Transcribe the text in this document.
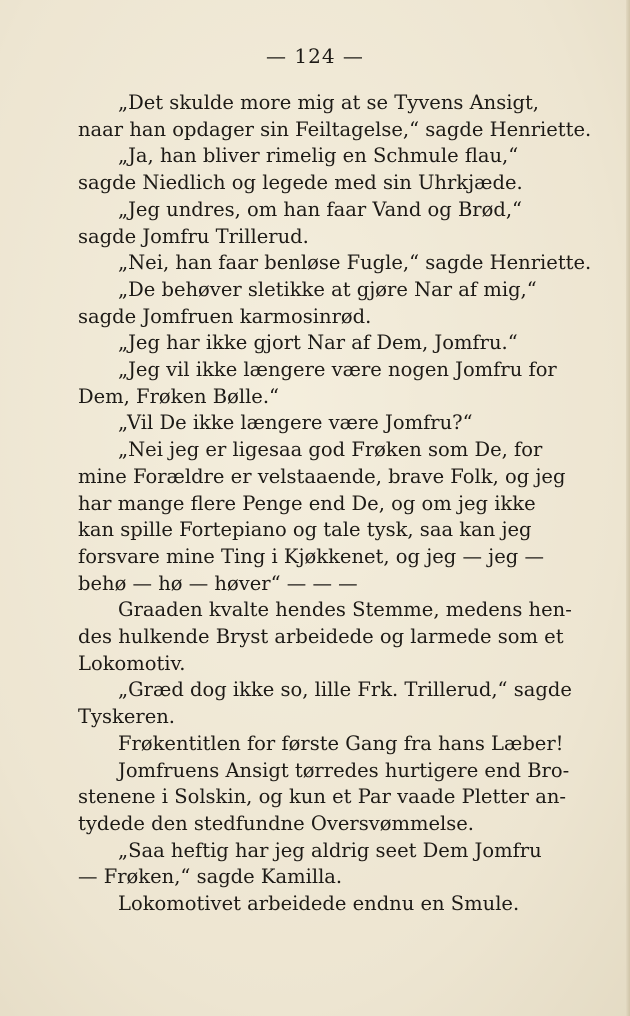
— 124 —
„Det skulde more mig at se Tyvens Ansigt,
naar han opdager sin Feiltagelse,“ sagde Henriette.
„Ja, han bliver rimelig en Schmule flau,“
sagde Niedlich og legede med sin Uhrkjæde.
„Jeg undres, om han faar Vand og Brød,“
sagde Jomfru Trillerud.
„Nei, han faar benløse Fugle,“ sagde Henriette.
„De behøver sletikke at gjøre Nar af mig,“
sagde Jomfruen karmosinrød.
„Jeg har ikke gjort Nar af Dem, Jomfru.“
„Jeg vil ikke længere være nogen Jomfru for
Dem, Frøken Bølle.“
„Vil De ikke længere være Jomfru?“
„Nei jeg er ligesaa god Frøken som De, for
mine Forældre er velstaaende, brave Folk, og jeg
har mange flere Penge end De, og om jeg ikke
kan spille Fortepiano og tale tysk, saa kan jeg
forsvare mine Ting i Kjøkkenet, og jeg — jeg —
behø — hø — høver“ — — —
Graaden kvalte hendes Stemme, medens hen-
des hulkende Bryst arbeidede og larmede som et
Lokomotiv.
„Græd dog ikke so, lille Frk. Trillerud,“ sagde
Tyskeren.
Frøkentitlen for første Gang fra hans Læber!
Jomfruens Ansigt tørredes hurtigere end Bro-
stenene i Solskin, og kun et Par vaade Pletter an-
tydede den stedfundne Oversvømmelse.
„Saa heftig har jeg aldrig seet Dem Jomfru
— Frøken,“ sagde Kamilla.
Lokomotivet arbeidede endnu en Smule.
